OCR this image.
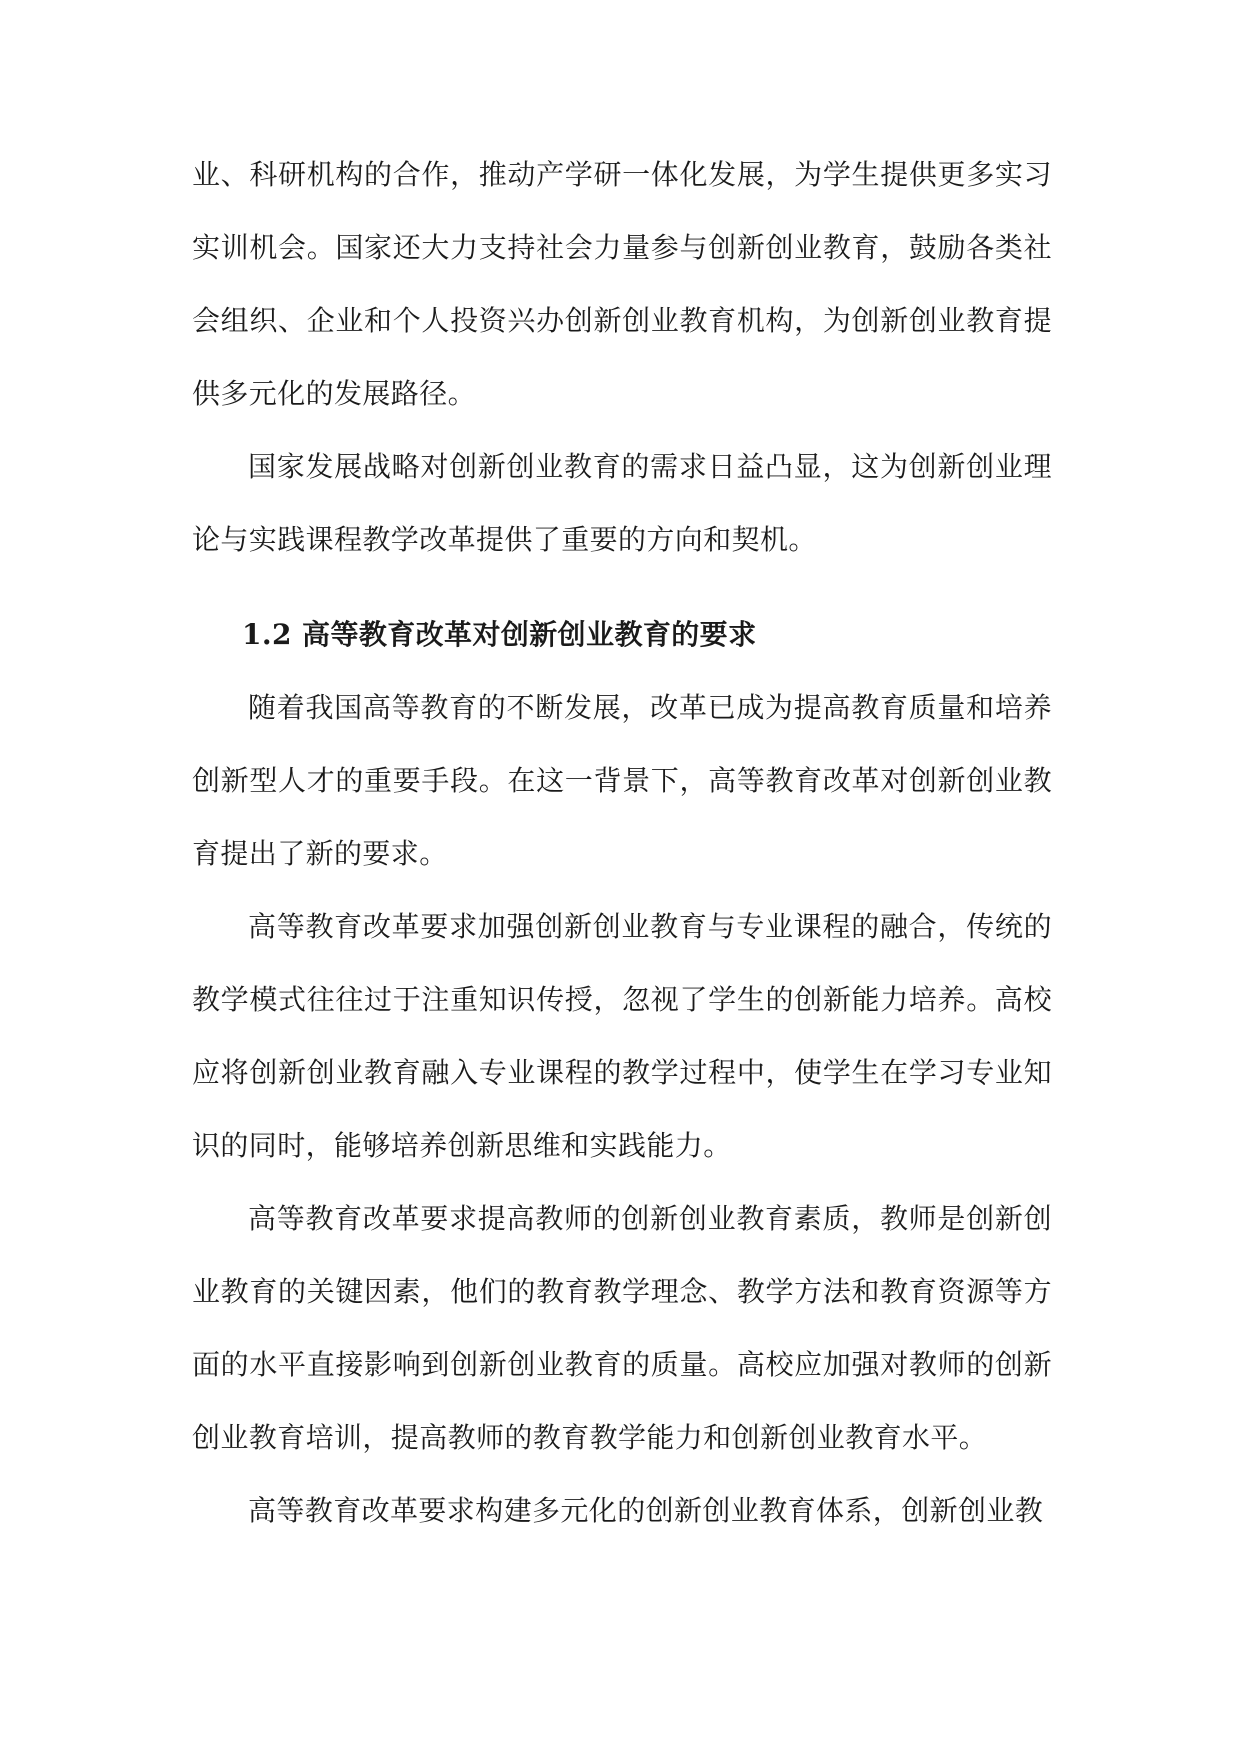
业、科研机构的合作，推动产学研一体化发展，为学生提供更多实习实训机会。国家还大力支持社会力量参与创新创业教育，鼓励各类社会组织、企业和个人投资兴办创新创业教育机构，为创新创业教育提供多元化的发展路径。

国家发展战略对创新创业教育的需求日益凸显，这为创新创业理论与实践课程教学改革提供了重要的方向和契机。

1.2 高等教育改革对创新创业教育的要求

随着我国高等教育的不断发展，改革已成为提高教育质量和培养创新型人才的重要手段。在这一背景下，高等教育改革对创新创业教育提出了新的要求。

高等教育改革要求加强创新创业教育与专业课程的融合，传统的教学模式往往过于注重知识传授，忽视了学生的创新能力培养。高校应将创新创业教育融入专业课程的教学过程中，使学生在学习专业知识的同时，能够培养创新思维和实践能力。

高等教育改革要求提高教师的创新创业教育素质，教师是创新创业教育的关键因素，他们的教育教学理念、教学方法和教育资源等方面的水平直接影响到创新创业教育的质量。高校应加强对教师的创新创业教育培训，提高教师的教育教学能力和创新创业教育水平。

高等教育改革要求构建多元化的创新创业教育体系，创新创业教
